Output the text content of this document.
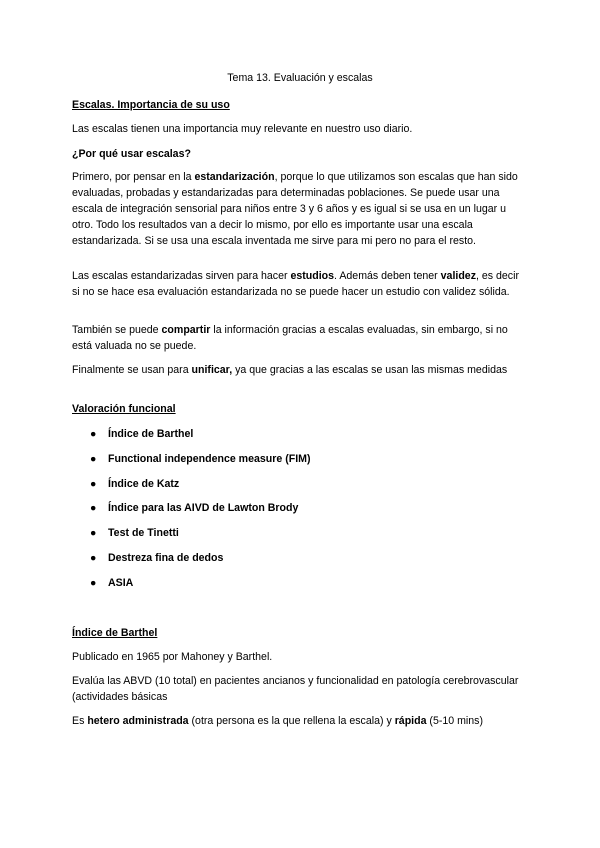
Tema 13. Evaluación y escalas
Escalas. Importancia de su uso
Las escalas tienen una importancia muy relevante en nuestro uso diario.
¿Por qué usar escalas?
Primero, por pensar en la estandarización, porque lo que utilizamos son escalas que han sido evaluadas, probadas y estandarizadas para determinadas poblaciones. Se puede usar una escala de integración sensorial para niños entre 3 y 6 años y es igual si se usa en un lugar u otro. Todo los resultados van a decir lo mismo, por ello es importante usar una escala estandarizada. Si se usa una escala inventada me sirve para mi pero no para el resto.
Las escalas estandarizadas sirven para hacer estudios. Además deben tener validez, es decir si no se hace esa evaluación estandarizada no se puede hacer un estudio con validez sólida.
También se puede compartir la información gracias a escalas evaluadas, sin embargo, si no está valuada no se puede.
Finalmente se usan para unificar, ya que gracias a las escalas se usan las mismas medidas
Valoración funcional
● Índice de Barthel
● Functional independence measure (FIM)
● Índice de Katz
● Índice para las AIVD de Lawton Brody
● Test de Tinetti
● Destreza fina de dedos
● ASIA
Índice de Barthel
Publicado en 1965 por Mahoney y Barthel.
Evalúa las ABVD (10 total) en pacientes ancianos y funcionalidad en patología cerebrovascular (actividades básicas
Es hetero administrada (otra persona es la que rellena la escala) y rápida (5-10 mins)
